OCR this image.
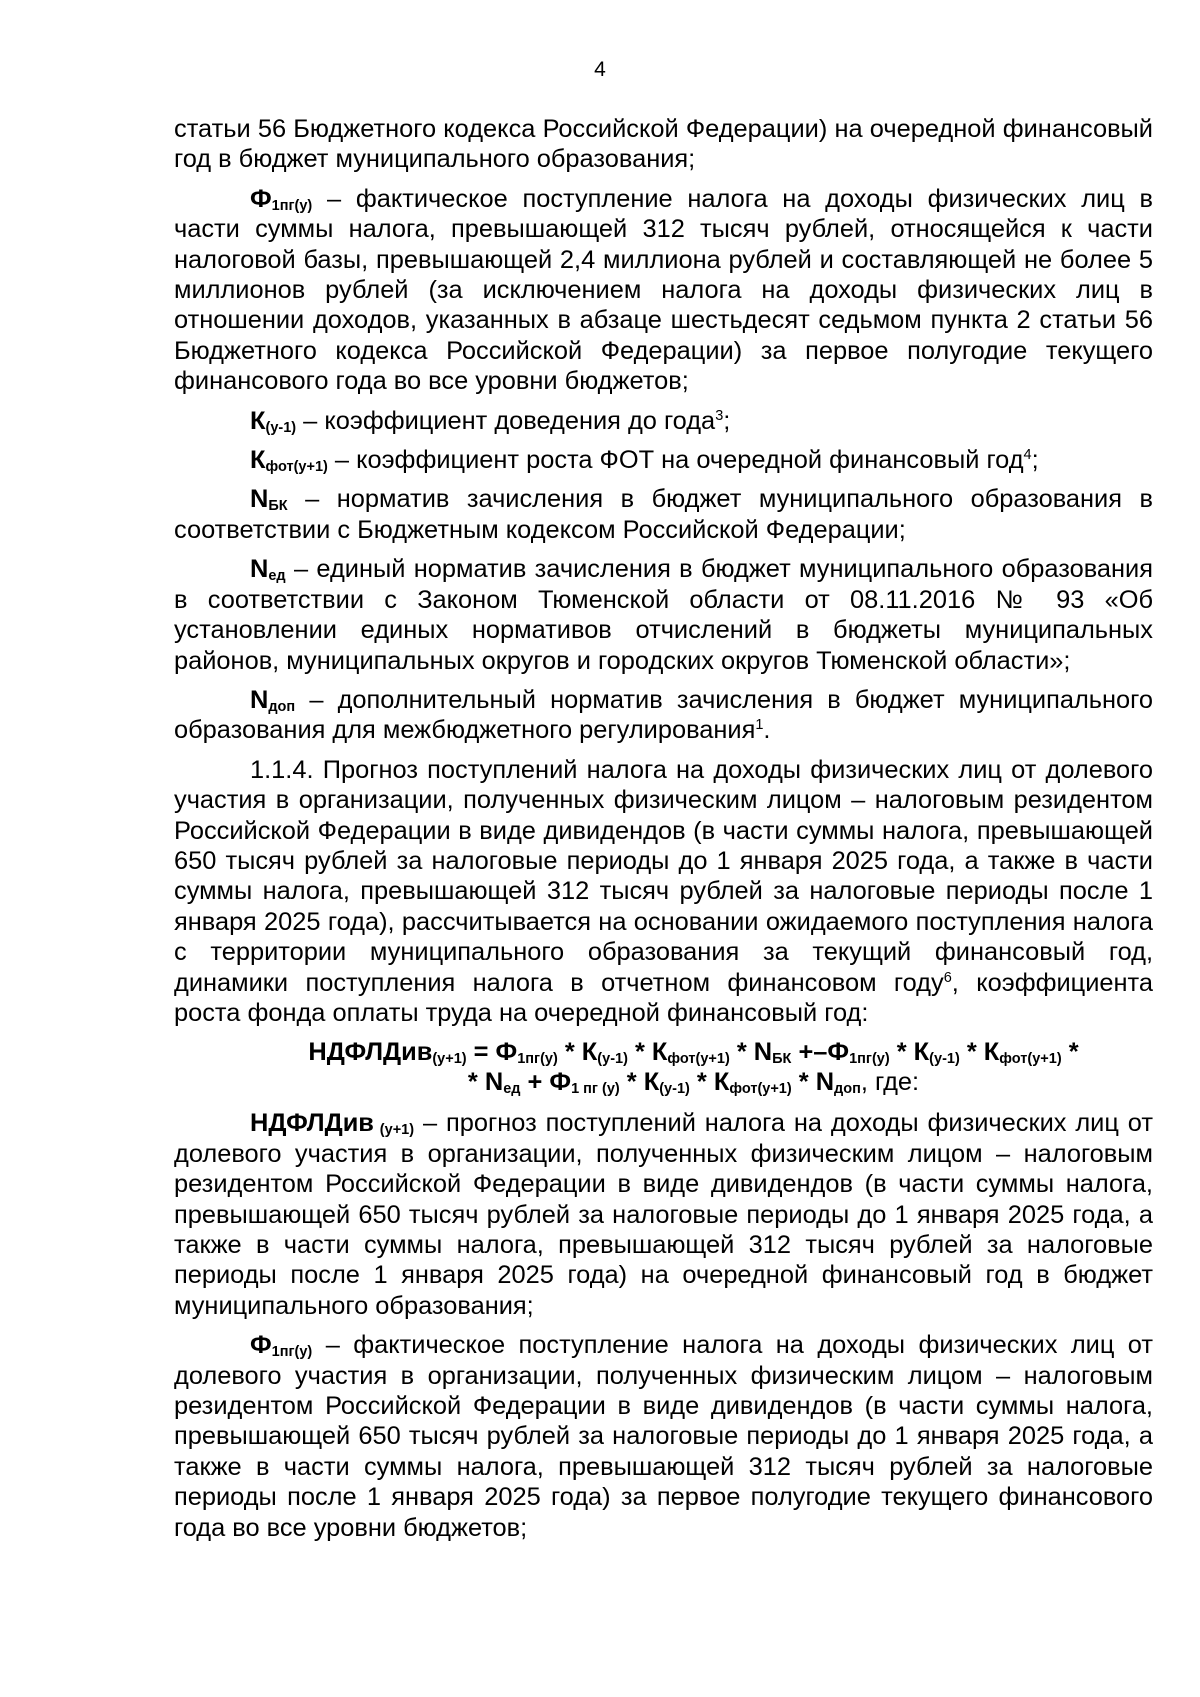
4

статьи 56 Бюджетного кодекса Российской Федерации) на очередной финансовый год в бюджет муниципального образования;

$Ф_{1пг(у)}$ – фактическое поступление налога на доходы физических лиц в части суммы налога, превышающей 312 тысяч рублей, относящейся к части налоговой базы, превышающей 2,4 миллиона рублей и составляющей не более 5 миллионов рублей (за исключением налога на доходы физических лиц в отношении доходов, указанных в абзаце шестьдесят седьмом пункта 2 статьи 56 Бюджетного кодекса Российской Федерации) за первое полугодие текущего финансового года во все уровни бюджетов;

$К_{(у-1)}$ – коэффициент доведения до года$^3$;

$К_{фот(у+1)}$ – коэффициент роста ФОТ на очередной финансовый год$^4$;

$N_{БК}$ – норматив зачисления в бюджет муниципального образования в соответствии с Бюджетным кодексом Российской Федерации;

$N_{ед}$ – единый норматив зачисления в бюджет муниципального образования в соответствии с Законом Тюменской области от 08.11.2016 № 93 «Об установлении единых нормативов отчислений в бюджеты муниципальных районов, муниципальных округов и городских округов Тюменской области»;

$N_{доп}$ – дополнительный норматив зачисления в бюджет муниципального образования для межбюджетного регулирования$^1$.

1.1.4. Прогноз поступлений налога на доходы физических лиц от долевого участия в организации, полученных физическим лицом – налоговым резидентом Российской Федерации в виде дивидендов (в части суммы налога, превышающей 650 тысяч рублей за налоговые периоды до 1 января 2025 года, а также в части суммы налога, превышающей 312 тысяч рублей за налоговые периоды после 1 января 2025 года), рассчитывается на основании ожидаемого поступления налога с территории муниципального образования за текущий финансовый год, динамики поступления налога в отчетном финансовом году$^6$, коэффициента роста фонда оплаты труда на очередной финансовый год:

НДФЛДив$_{(у+1)}$ = $Ф_{1пг(у)} * К_{(у-1)} * К_{фот(у+1)} * N_{БК} +-Ф_{1пг(у)} * К_{(у-1)} * К_{фот(у+1)}$ *
* $N_{ед} + Ф_{1 пг (у)} * К_{(у-1)} * К_{фот(у+1)} * N_{доп}$, где:

НДФЛДив $_{(у+1)}$ – прогноз поступлений налога на доходы физических лиц от долевого участия в организации, полученных физическим лицом – налоговым резидентом Российской Федерации в виде дивидендов (в части суммы налога, превышающей 650 тысяч рублей за налоговые периоды до 1 января 2025 года, а также в части суммы налога, превышающей 312 тысяч рублей за налоговые периоды после 1 января 2025 года) на очередной финансовый год в бюджет муниципального образования;

$Ф_{1пг(у)}$ – фактическое поступление налога на доходы физических лиц от долевого участия в организации, полученных физическим лицом – налоговым резидентом Российской Федерации в виде дивидендов (в части суммы налога, превышающей 650 тысяч рублей за налоговые периоды до 1 января 2025 года, а также в части суммы налога, превышающей 312 тысяч рублей за налоговые периоды после 1 января 2025 года) за первое полугодие текущего финансового года во все уровни бюджетов;
